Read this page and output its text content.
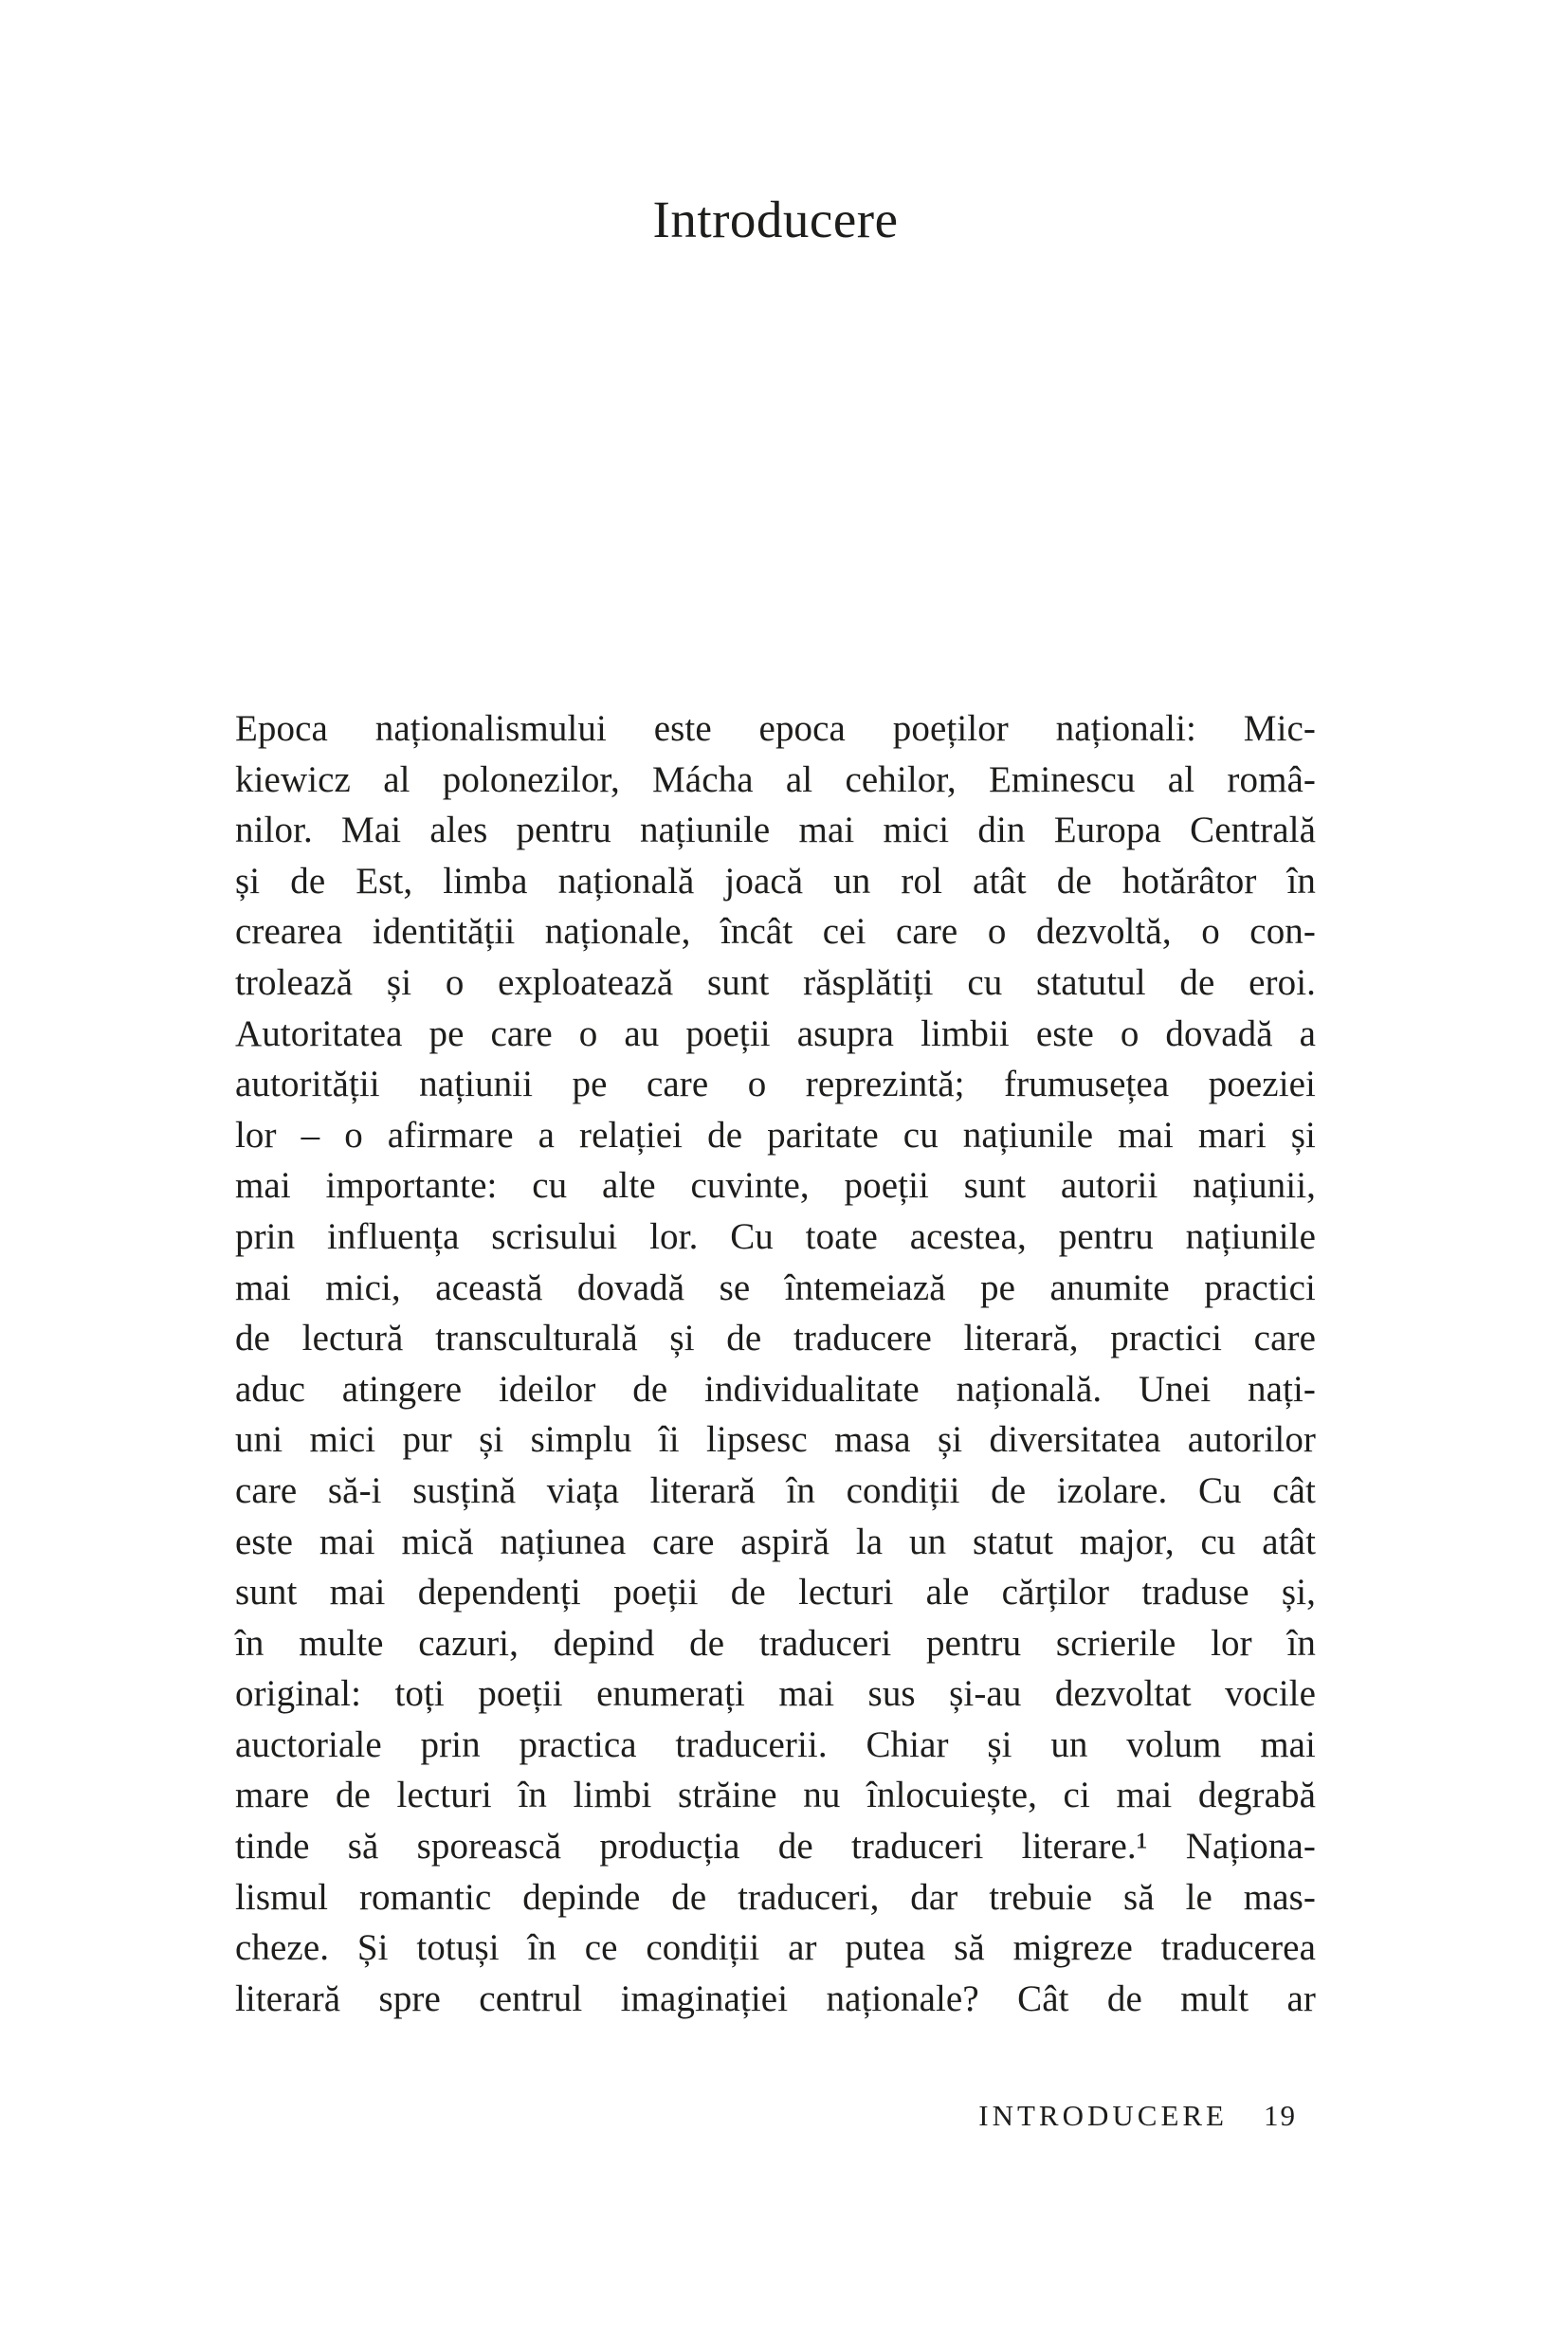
Introducere
Epoca naționalismului este epoca poeților naționali: Mic-
kiewicz al polonezilor, Mácha al cehilor, Eminescu al româ-
nilor. Mai ales pentru națiunile mai mici din Europa Centrală
și de Est, limba națională joacă un rol atât de hotărâtor în
crearea identității naționale, încât cei care o dezvoltă, o con-
trolează și o exploatează sunt răsplătiți cu statutul de eroi.
Autoritatea pe care o au poeții asupra limbii este o dovadă a
autorității națiunii pe care o reprezintă; frumusețea poeziei
lor – o afirmare a relației de paritate cu națiunile mai mari și
mai importante: cu alte cuvinte, poeții sunt autorii națiunii,
prin influența scrisului lor. Cu toate acestea, pentru națiunile
mai mici, această dovadă se întemeiază pe anumite practici
de lectură transculturală și de traducere literară, practici care
aduc atingere ideilor de individualitate națională. Unei nați-
uni mici pur și simplu îi lipsesc masa și diversitatea autorilor
care să-i susțină viața literară în condiții de izolare. Cu cât
este mai mică națiunea care aspiră la un statut major, cu atât
sunt mai dependenți poeții de lecturi ale cărților traduse și,
în multe cazuri, depind de traduceri pentru scrierile lor în
original: toți poeții enumerați mai sus și-au dezvoltat vocile
auctoriale prin practica traducerii. Chiar și un volum mai
mare de lecturi în limbi străine nu înlocuiește, ci mai degrabă
tinde să sporească producția de traduceri literare.¹ Naționa-
lismul romantic depinde de traduceri, dar trebuie să le mas-
cheze. Și totuși în ce condiții ar putea să migreze traducerea
literară spre centrul imaginației naționale? Cât de mult ar
INTRODUCERE 19
